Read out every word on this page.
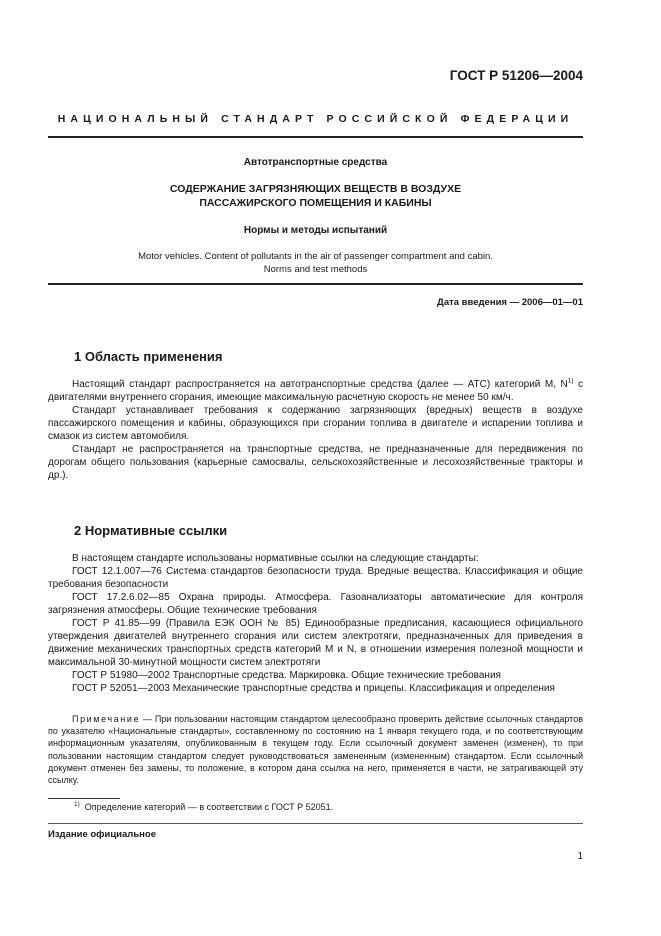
ГОСТ Р 51206—2004
НАЦИОНАЛЬНЫЙ СТАНДАРТ РОССИЙСКОЙ ФЕДЕРАЦИИ
Автотранспортные средства
СОДЕРЖАНИЕ ЗАГРЯЗНЯЮЩИХ ВЕЩЕСТВ В ВОЗДУХЕ
ПАССАЖИРСКОГО ПОМЕЩЕНИЯ И КАБИНЫ
Нормы и методы испытаний
Motor vehicles. Content of pollutants in the air of passenger compartment and cabin.
Norms and test methods
Дата введения — 2006—01—01
1 Область применения

Настоящий стандарт распространяется на автотранспортные средства (далее — АТС) категорий М, $N^{1)}$ с двигателями внутреннего сгорания, имеющие максимальную расчетную скорость не менее 50 км/ч.

Стандарт устанавливает требования к содержанию загрязняющих (вредных) веществ в воздухе пассажирского помещения и кабины, образующихся при сгорании топлива в двигателе и испарении топлива и смазок из систем автомобиля.

Стандарт не распространяется на транспортные средства, не предназначенные для передвижения по дорогам общего пользования (карьерные самосвалы, сельскохозяйственные и лесохозяйственные тракторы и др.).

2 Нормативные ссылки

В настоящем стандарте использованы нормативные ссылки на следующие стандарты:

ГОСТ 12.1.007—76 Система стандартов безопасности труда. Вредные вещества. Классификация и общие требования безопасности

ГОСТ 17.2.6.02—85 Охрана природы. Атмосфера. Газоанализаторы автоматические для контроля загрязнения атмосферы. Общие технические требования

ГОСТ Р 41.85—99 (Правила ЕЭК ООН № 85) Единообразные предписания, касающиеся официального утверждения двигателей внутреннего сгорания или систем электротяги, предназначенных для приведения в движение механических транспортных средств категорий М и N, в отношении измерения полезной мощности и максимальной 30-минутной мощности систем электротяги

ГОСТ Р 51980—2002 Транспортные средства. Маркировка. Общие технические требования

ГОСТ Р 52051—2003 Механические транспортные средства и прицепы. Классификация и определения

Примечание — При пользовании настоящим стандартом целесообразно проверить действие ссылочных стандартов по указателю «Национальные стандарты», составленному по состоянию на 1 января текущего года, и по соответствующим информационным указателям, опубликованным в текущем году. Если ссылочный документ заменен (изменен), то при пользовании настоящим стандартом следует руководствоваться замененным (измененным) стандартом. Если ссылочный документ отменен без замены, то положение, в котором дана ссылка на него, применяется в части, не затрагивающей эту ссылку.

$^{1)}$ Определение категорий — в соответствии с ГОСТ Р 52051.
Издание официальное
1
